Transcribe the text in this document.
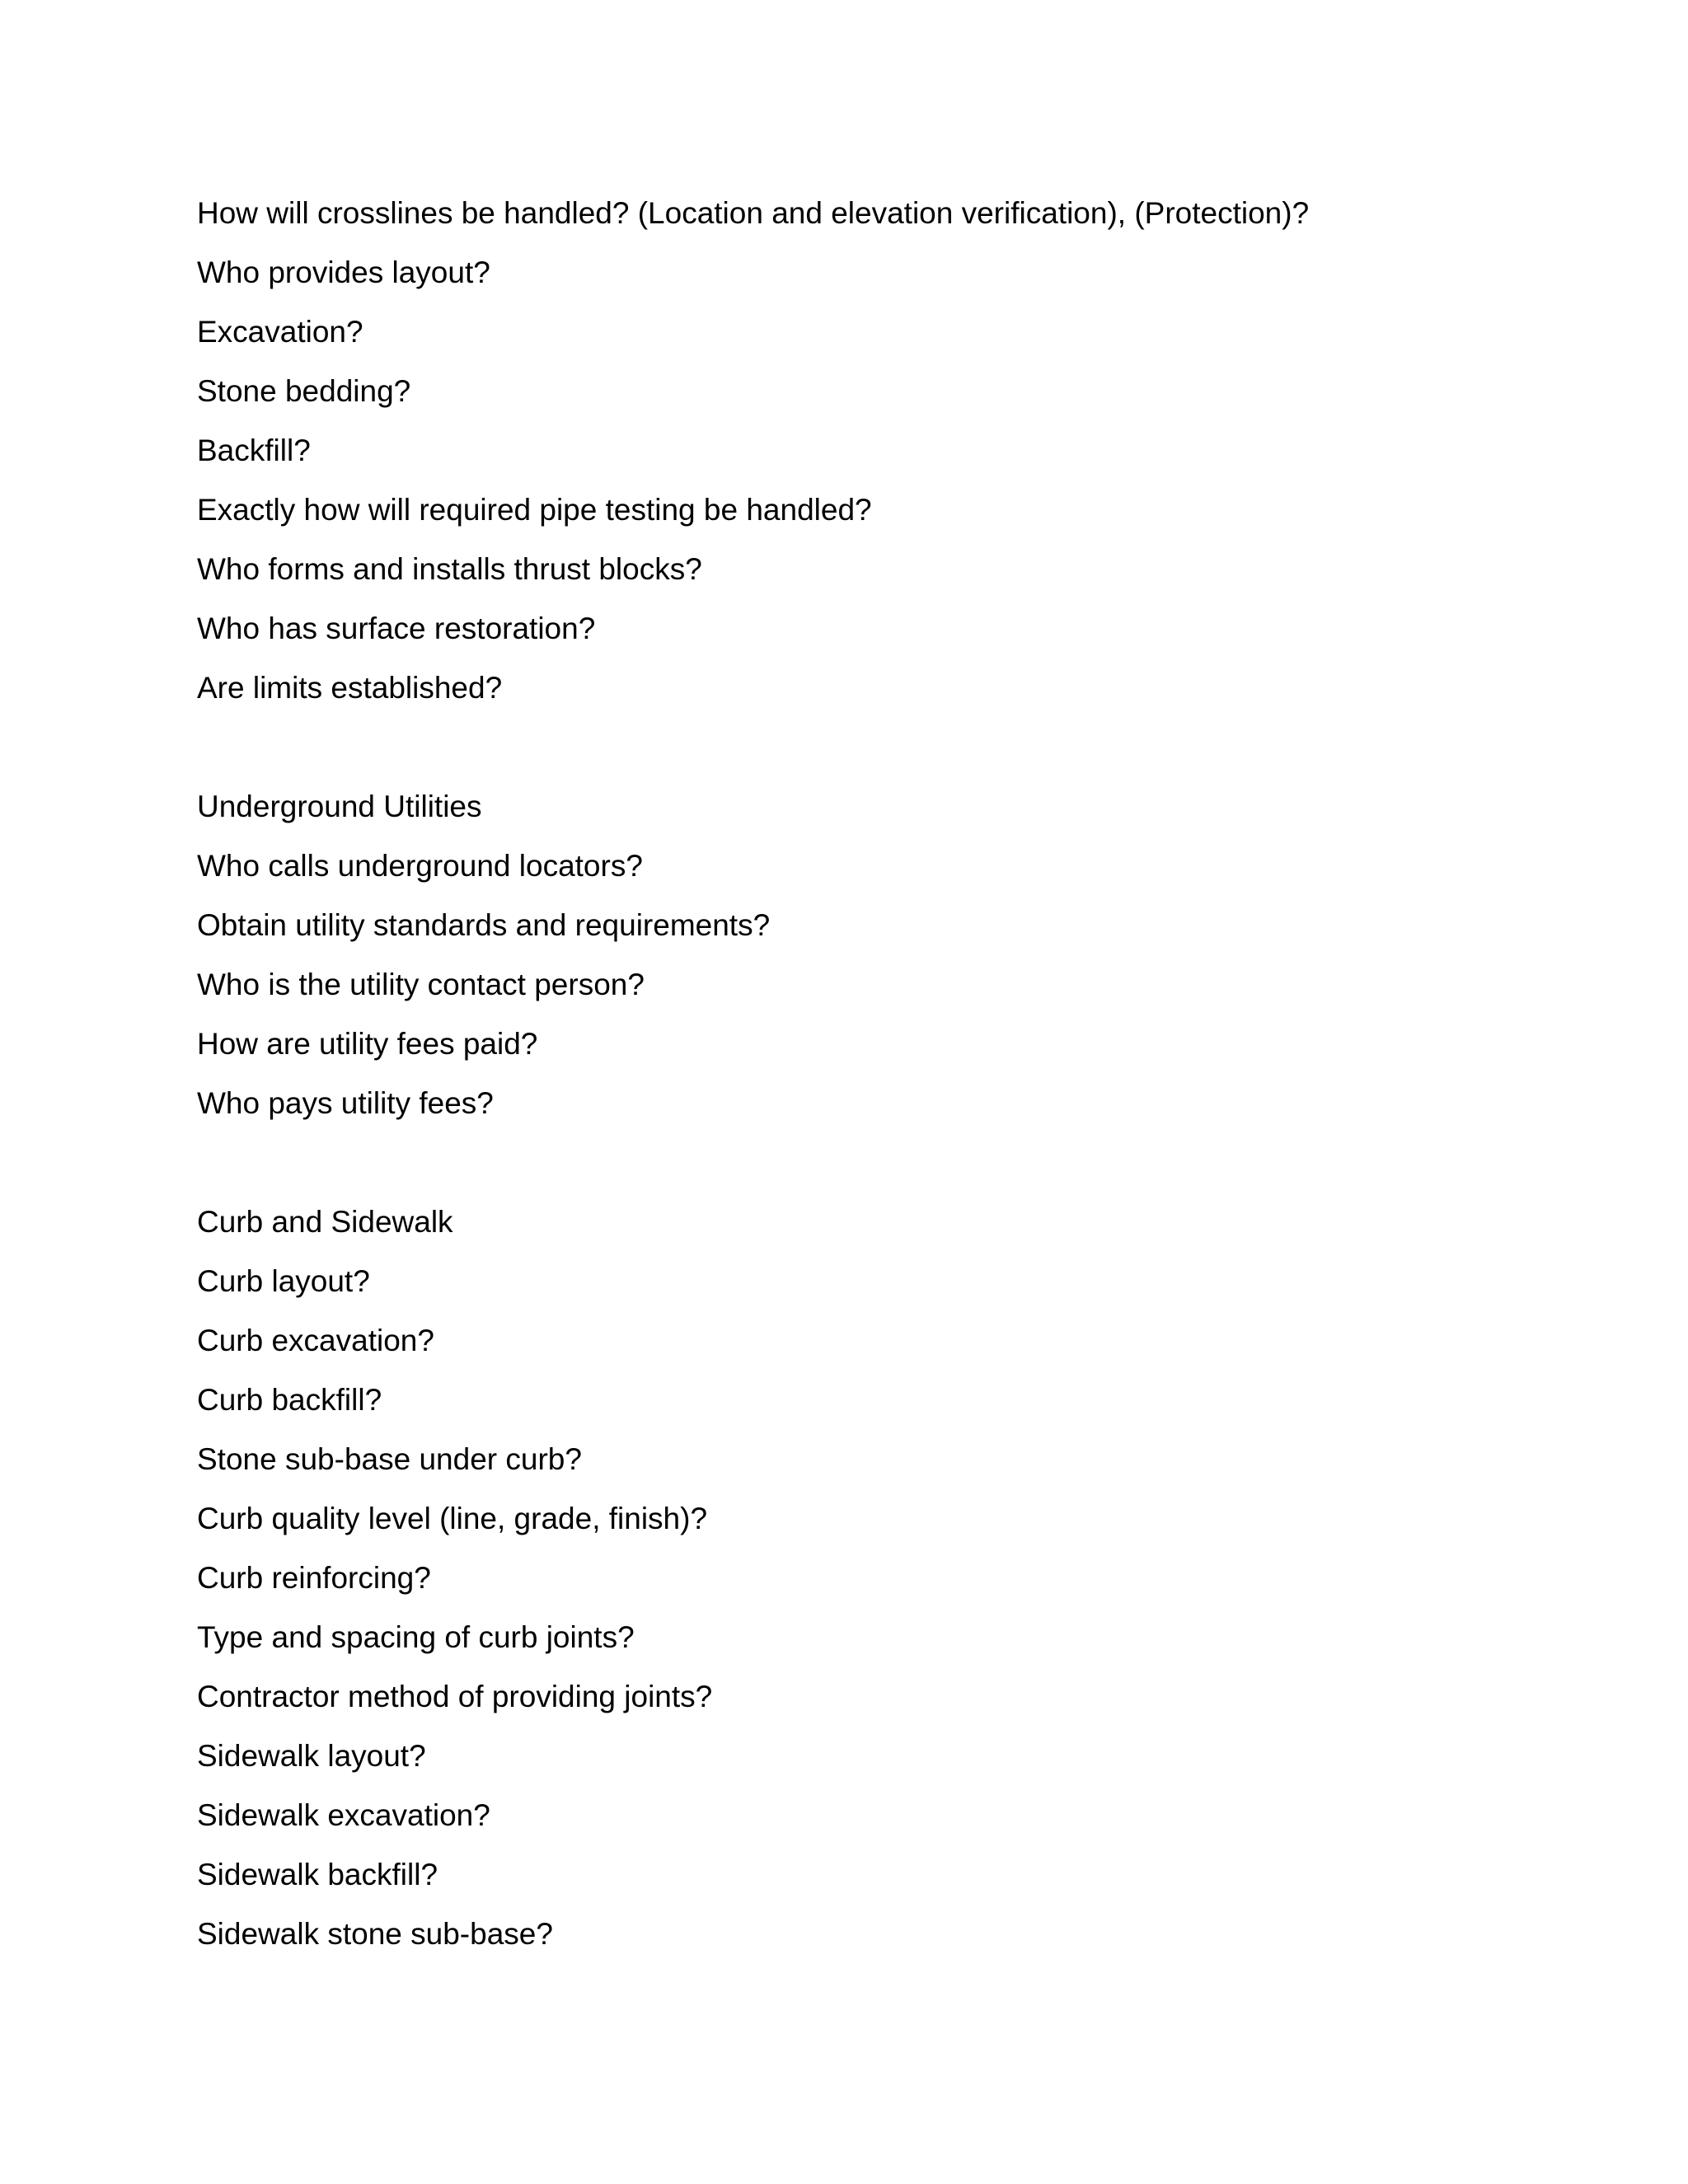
How will crosslines be handled? (Location and elevation verification), (Protection)?
Who provides layout?
Excavation?
Stone bedding?
Backfill?
Exactly how will required pipe testing be handled?
Who forms and installs thrust blocks?
Who has surface restoration?
Are limits established?
Underground Utilities
Who calls underground locators?
Obtain utility standards and requirements?
Who is the utility contact person?
How are utility fees paid?
Who pays utility fees?
Curb and Sidewalk
Curb layout?
Curb excavation?
Curb backfill?
Stone sub-base under curb?
Curb quality level (line, grade, finish)?
Curb reinforcing?
Type and spacing of curb joints?
Contractor method of providing joints?
Sidewalk layout?
Sidewalk excavation?
Sidewalk backfill?
Sidewalk stone sub-base?
